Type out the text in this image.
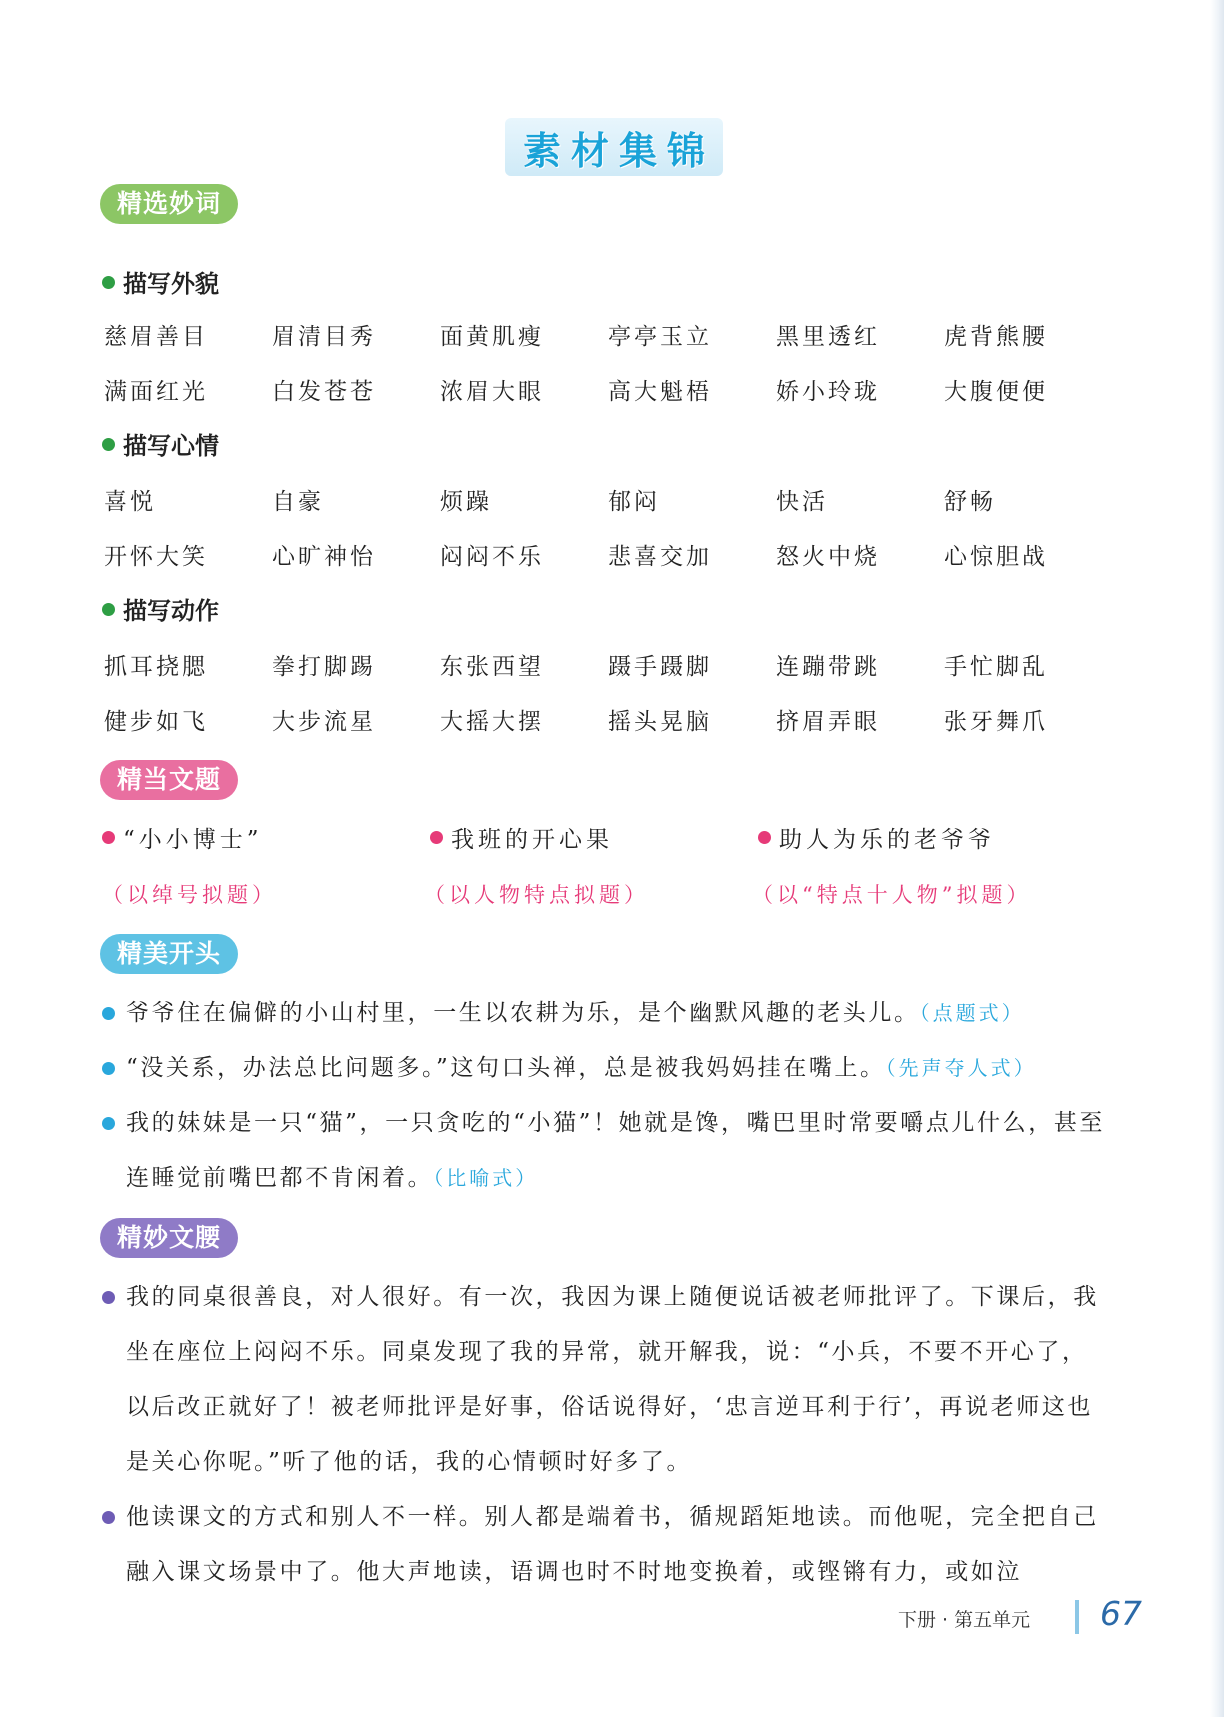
素材集锦
精选妙词
描写外貌
慈眉善目	眉清目秀	面黄肌瘦	亭亭玉立	黑里透红	虎背熊腰
满面红光	白发苍苍	浓眉大眼	高大魁梧	娇小玲珑	大腹便便
描写心情
喜悦	自豪	烦躁	郁闷	快活	舒畅
开怀大笑	心旷神怡	闷闷不乐	悲喜交加	怒火中烧	心惊胆战
描写动作
抓耳挠腮	拳打脚踢	东张西望	蹑手蹑脚	连蹦带跳	手忙脚乱
健步如飞	大步流星	大摇大摆	摇头晃脑	挤眉弄眼	张牙舞爪
精当文题
“小小博士”	我班的开心果	助人为乐的老爷爷
（以绰号拟题）	（以人物特点拟题）	（以“特点十人物”拟题）
精美开头

爷爷住在偏僻的小山村里，一生以农耕为乐，是个幽默风趣的老头儿。（点题式）

“没关系，办法总比问题多。”这句口头禅，总是被我妈妈挂在嘴上。（先声夺人式）

我的妹妹是一只“猫”，一只贪吃的“小猫”！她就是馋，嘴巴里时常要嚼点儿什么，甚至连睡觉前嘴巴都不肯闲着。（比喻式）

精妙文腰

我的同桌很善良，对人很好。有一次，我因为课上随便说话被老师批评了。下课后，我坐在座位上闷闷不乐。同桌发现了我的异常，就开解我，说：“小兵，不要不开心了，以后改正就好了！被老师批评是好事，俗话说得好，‘忠言逆耳利于行’，再说老师这也是关心你呢。”听了他的话，我的心情顿时好多了。

他读课文的方式和别人不一样。别人都是端着书，循规蹈矩地读。而他呢，完全把自己融入课文场景中了。他大声地读，语调也时不时地变换着，或铿锵有力，或如泣

下册 · 第五单元 67
